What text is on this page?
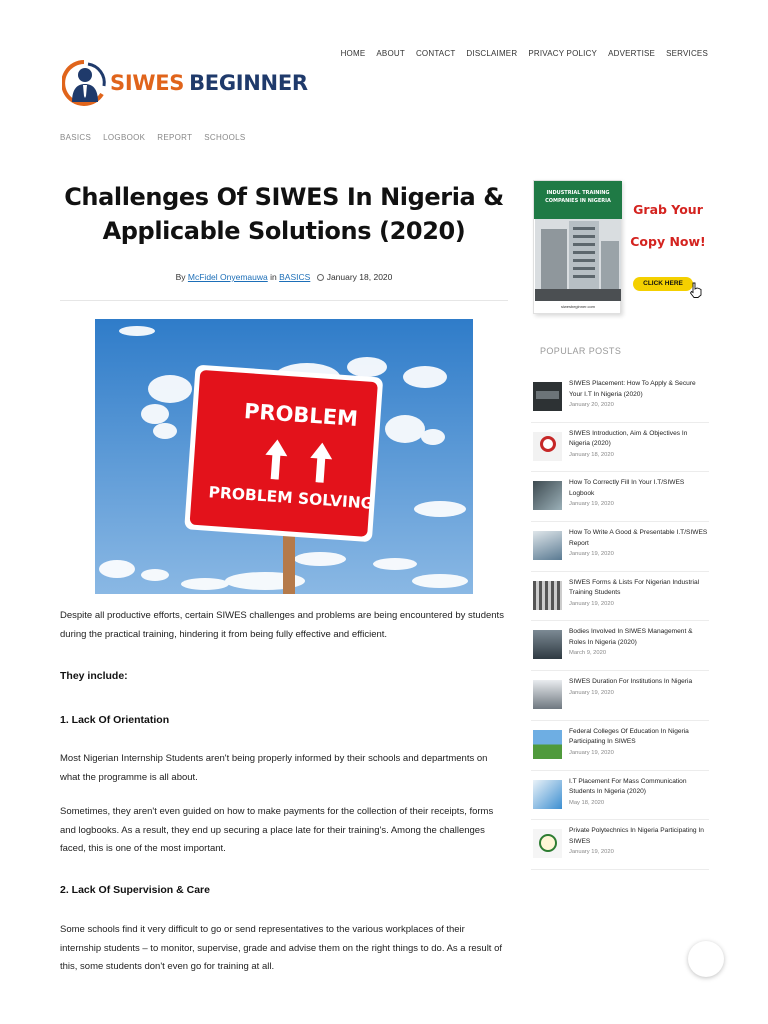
HOME ABOUT CONTACT DISCLAIMER PRIVACY POLICY ADVERTISE SERVICES
SIWES BEGINNER
BASICS LOGBOOK REPORT SCHOOLS
Challenges Of SIWES In Nigeria & Applicable Solutions (2020)
By McFidel Onyemauwa in BASICS January 18, 2020
PROBLEM
PROBLEM SOLVING

Despite all productive efforts, certain SIWES challenges and problems are being encountered by students during the practical training, hindering it from being fully effective and efficient.

They include:
1. Lack Of Orientation

Most Nigerian Internship Students aren't being properly informed by their schools and departments on what the programme is all about.

Sometimes, they aren't even guided on how to make payments for the collection of their receipts, forms and logbooks. As a result, they end up securing a place late for their training's. Among the challenges faced, this is one of the most important.

2. Lack Of Supervision & Care

Some schools find it very difficult to go or send representatives to the various workplaces of their internship students – to monitor, supervise, grade and advise them on the right things to do. As a result of this, some students don't even go for training at all.

INDUSTRIAL TRAINING COMPANIES IN NIGERIA
siwesbeginner.com
Grab Your
Copy Now!
CLICK HERE
POPULAR POSTS
SIWES Placement: How To Apply & Secure Your I.T In Nigeria (2020)
January 20, 2020
SIWES Introduction, Aim & Objectives In Nigeria (2020)
January 18, 2020
How To Correctly Fill In Your I.T/SIWES Logbook
January 19, 2020
How To Write A Good & Presentable I.T/SIWES Report
January 19, 2020
SIWES Forms & Lists For Nigerian Industrial Training Students
January 19, 2020
Bodies Involved In SIWES Management & Roles In Nigeria (2020)
March 9, 2020
SIWES Duration For Institutions In Nigeria
January 19, 2020
Federal Colleges Of Education In Nigeria Participating In SIWES
January 19, 2020
I.T Placement For Mass Communication Students In Nigeria (2020)
May 18, 2020
Private Polytechnics In Nigeria Participating In SIWES
January 19, 2020
